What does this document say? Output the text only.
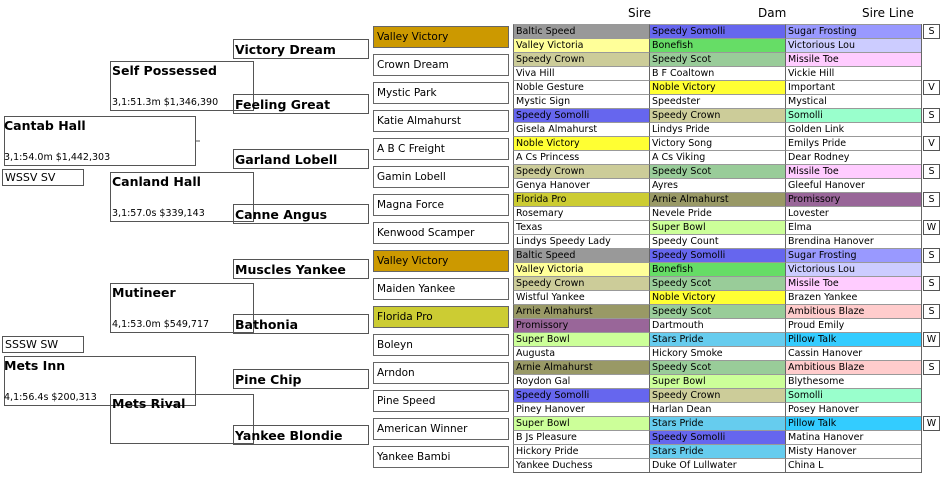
Sire	Dam	Sire Line
Cantab Hall
3,1:54.0m $1,442,303
WSSV SV
SSSW SW
Mets Inn
4,1:56.4s $200,313
Self Possessed
3,1:51.3m $1,346,390
Canland Hall
3,1:57.0s $339,143
Mutineer
4,1:53.0m $549,717
Mets Rival
Victory Dream
Feeling Great
Garland Lobell
Canne Angus
Muscles Yankee
Bathonia
Pine Chip
Yankee Blondie
Valley Victory
Crown Dream
Mystic Park
Katie Almahurst
A B C Freight
Gamin Lobell
Magna Force
Kenwood Scamper
Valley Victory
Maiden Yankee
Florida Pro
Boleyn
Arndon
Pine Speed
American Winner
Yankee Bambi
Baltic Speed	Speedy Somolli	Sugar Frosting	S
Valley Victoria	Bonefish	Victorious Lou
Speedy Crown	Speedy Scot	Missile Toe
Viva Hill	B F Coaltown	Vickie Hill
Noble Gesture	Noble Victory	Important	V
Mystic Sign	Speedster	Mystical
Speedy Somolli	Speedy Crown	Somolli	S
Gisela Almahurst	Lindys Pride	Golden Link
Noble Victory	Victory Song	Emilys Pride	V
A Cs Princess	A Cs Viking	Dear Rodney
Speedy Crown	Speedy Scot	Missile Toe	S
Genya Hanover	Ayres	Gleeful Hanover
Florida Pro	Arnie Almahurst	Promissory	S
Rosemary	Nevele Pride	Lovester
Texas	Super Bowl	Elma	W
Lindys Speedy Lady	Speedy Count	Brendina Hanover
Baltic Speed	Speedy Somolli	Sugar Frosting	S
Valley Victoria	Bonefish	Victorious Lou
Speedy Crown	Speedy Scot	Missile Toe	S
Wistful Yankee	Noble Victory	Brazen Yankee
Arnie Almahurst	Speedy Scot	Ambitious Blaze	S
Promissory	Dartmouth	Proud Emily
Super Bowl	Stars Pride	Pillow Talk	W
Augusta	Hickory Smoke	Cassin Hanover
Arnie Almahurst	Speedy Scot	Ambitious Blaze	S
Roydon Gal	Super Bowl	Blythesome
Speedy Somolli	Speedy Crown	Somolli
Piney Hanover	Harlan Dean	Posey Hanover
Super Bowl	Stars Pride	Pillow Talk	W
B Js Pleasure	Speedy Somolli	Matina Hanover
Hickory Pride	Stars Pride	Misty Hanover
Yankee Duchess	Duke Of Lullwater	China L
